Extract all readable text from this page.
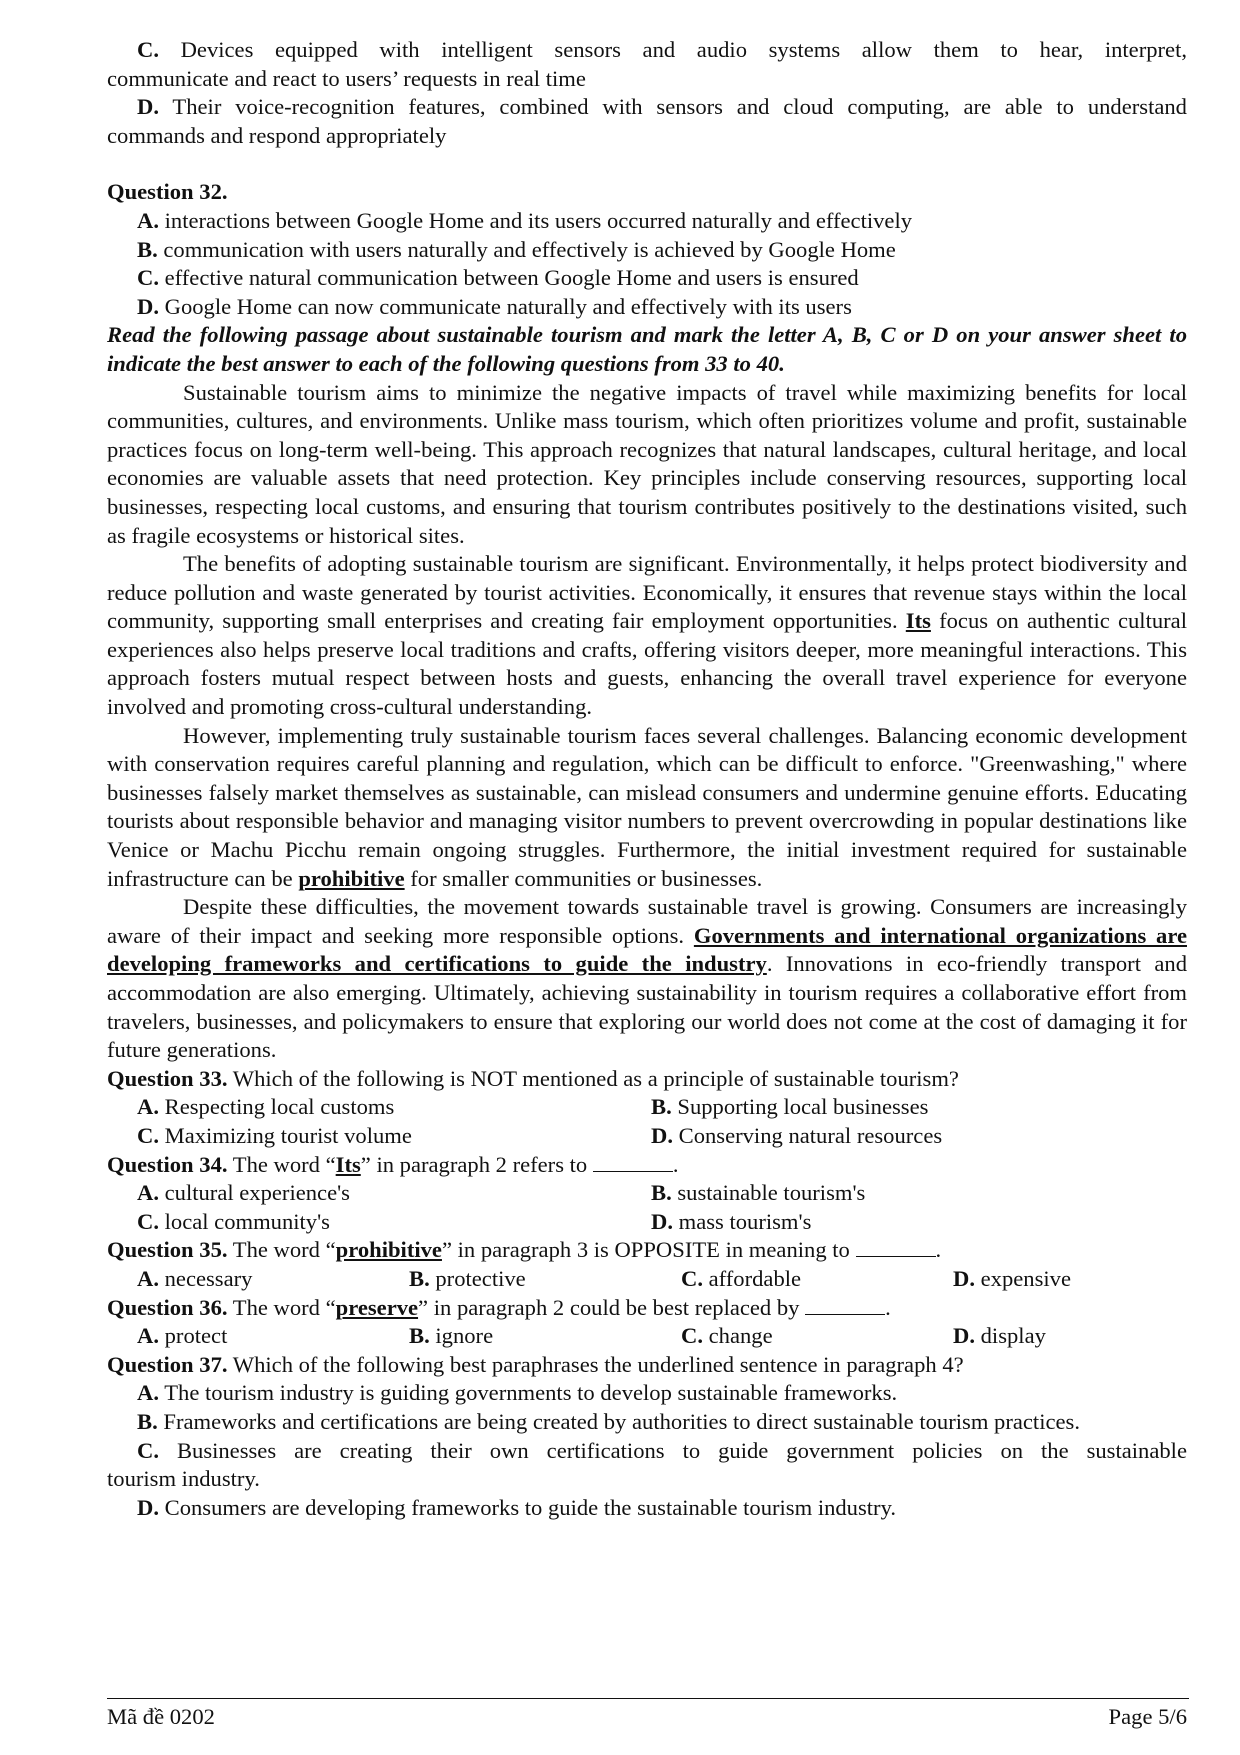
C. Devices equipped with intelligent sensors and audio systems allow them to hear, interpret,
communicate and react to users’ requests in real time
D. Their voice-recognition features, combined with sensors and cloud computing, are able to understand
commands and respond appropriately
Question 32.
A. interactions between Google Home and its users occurred naturally and effectively
B. communication with users naturally and effectively is achieved by Google Home
C. effective natural communication between Google Home and users is ensured
D. Google Home can now communicate naturally and effectively with its users

Read the following passage about sustainable tourism and mark the letter A, B, C or D on your answer sheet to indicate the best answer to each of the following questions from 33 to 40.

Sustainable tourism aims to minimize the negative impacts of travel while maximizing benefits for local communities, cultures, and environments. Unlike mass tourism, which often prioritizes volume and profit, sustainable practices focus on long-term well-being. This approach recognizes that natural landscapes, cultural heritage, and local economies are valuable assets that need protection. Key principles include conserving resources, supporting local businesses, respecting local customs, and ensuring that tourism contributes positively to the destinations visited, such as fragile ecosystems or historical sites.

The benefits of adopting sustainable tourism are significant. Environmentally, it helps protect biodiversity and reduce pollution and waste generated by tourist activities. Economically, it ensures that revenue stays within the local community, supporting small enterprises and creating fair employment opportunities. Its focus on authentic cultural experiences also helps preserve local traditions and crafts, offering visitors deeper, more meaningful interactions. This approach fosters mutual respect between hosts and guests, enhancing the overall travel experience for everyone involved and promoting cross-cultural understanding.

However, implementing truly sustainable tourism faces several challenges. Balancing economic development with conservation requires careful planning and regulation, which can be difficult to enforce. "Greenwashing," where businesses falsely market themselves as sustainable, can mislead consumers and undermine genuine efforts. Educating tourists about responsible behavior and managing visitor numbers to prevent overcrowding in popular destinations like Venice or Machu Picchu remain ongoing struggles. Furthermore, the initial investment required for sustainable infrastructure can be prohibitive for smaller communities or businesses.

Despite these difficulties, the movement towards sustainable travel is growing. Consumers are increasingly aware of their impact and seeking more responsible options. Governments and international organizations are developing frameworks and certifications to guide the industry. Innovations in eco-friendly transport and accommodation are also emerging. Ultimately, achieving sustainability in tourism requires a collaborative effort from travelers, businesses, and policymakers to ensure that exploring our world does not come at the cost of damaging it for future generations.

Question 33. Which of the following is NOT mentioned as a principle of sustainable tourism?
A. Respecting local customs	B. Supporting local businesses
C. Maximizing tourist volume	D. Conserving natural resources
Question 34. The word “Its” in paragraph 2 refers to	.
A. cultural experience's	B. sustainable tourism's
C. local community's	D. mass tourism's
Question 35. The word “prohibitive” in paragraph 3 is OPPOSITE in meaning to	.
A. necessary	B. protective	C. affordable	D. expensive
Question 36. The word “preserve” in paragraph 2 could be best replaced by	.
A. protect	B. ignore	C. change	D. display
Question 37. Which of the following best paraphrases the underlined sentence in paragraph 4?
A. The tourism industry is guiding governments to develop sustainable frameworks.
B. Frameworks and certifications are being created by authorities to direct sustainable tourism practices.
C. Businesses are creating their own certifications to guide government policies on the sustainable
tourism industry.
D. Consumers are developing frameworks to guide the sustainable tourism industry.
Mã đề 0202	Page 5/6
